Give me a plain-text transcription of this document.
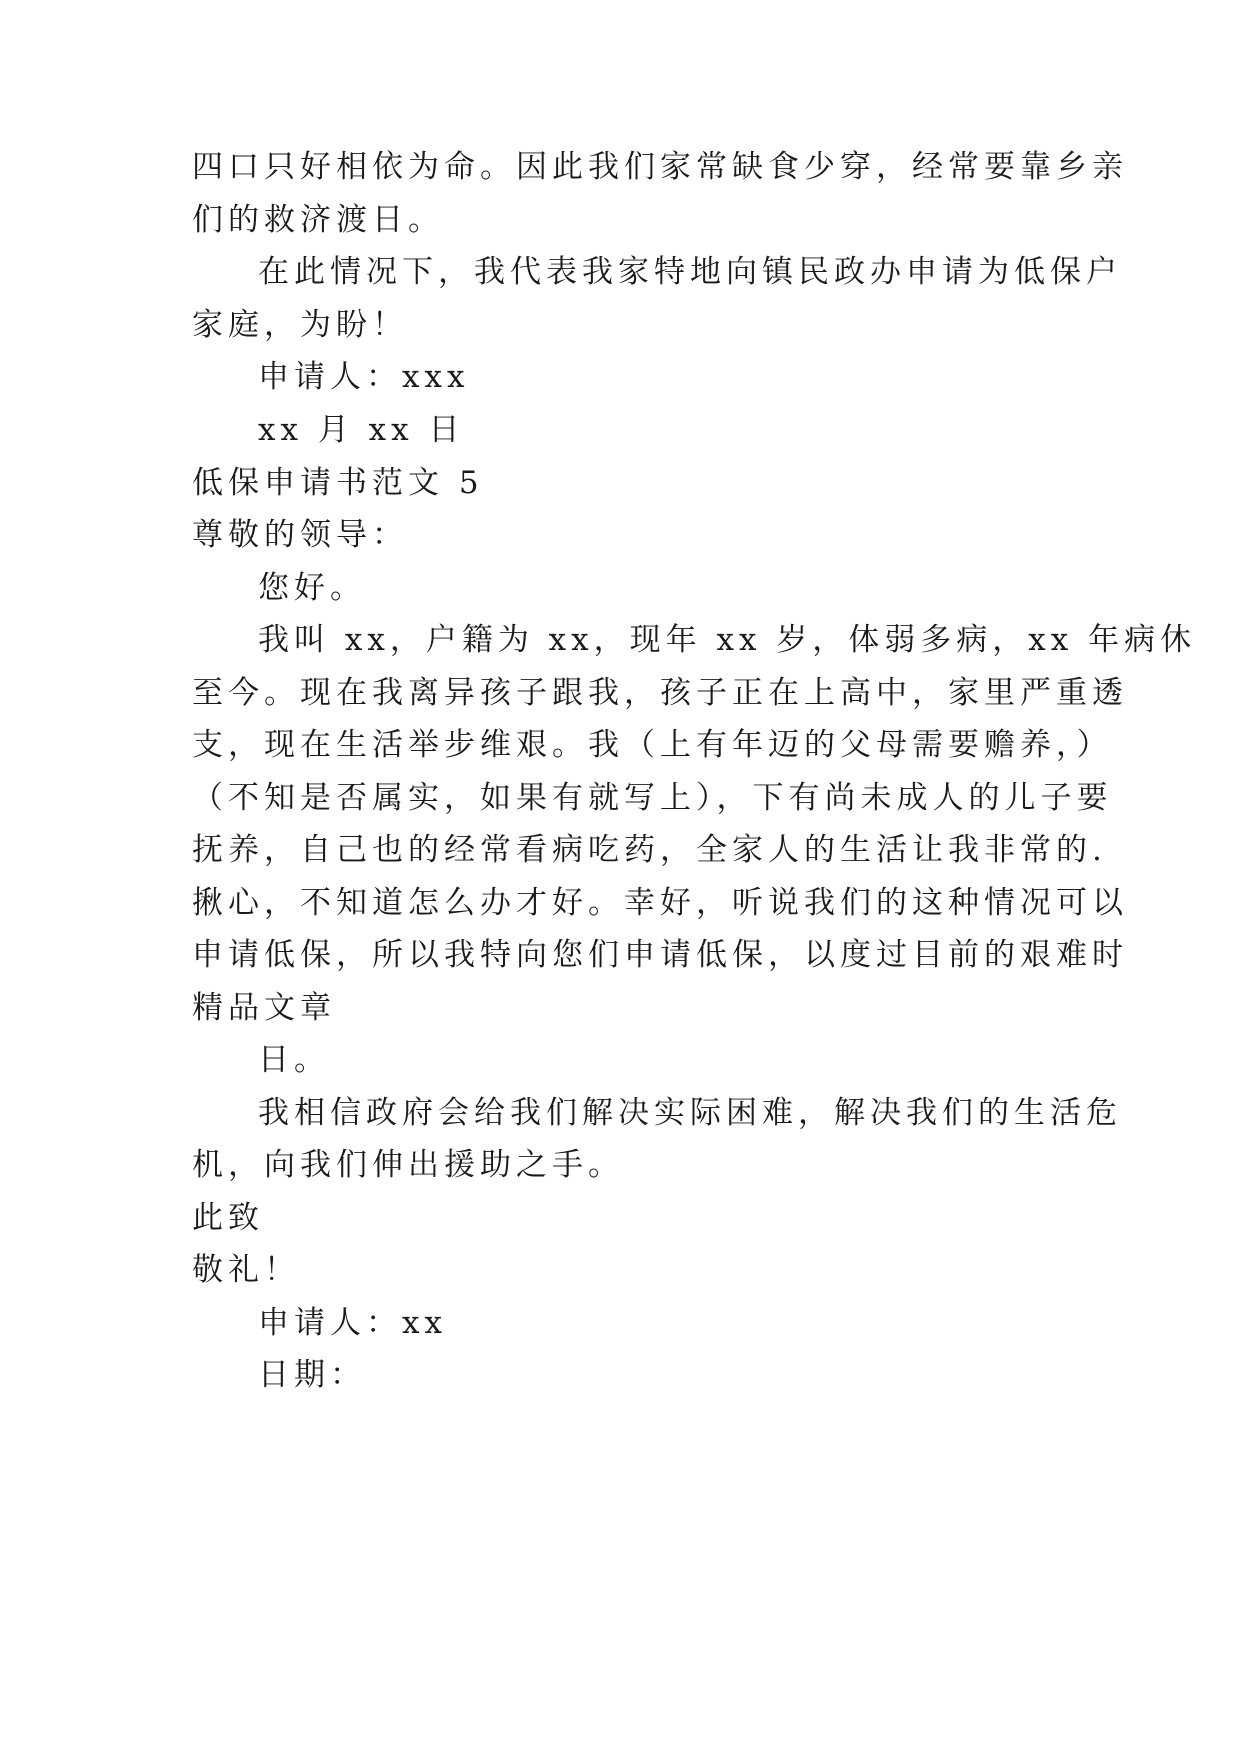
四口只好相依为命。因此我们家常缺食少穿，经常要靠乡亲
们的救济渡日。
在此情况下，我代表我家特地向镇民政办申请为低保户
家庭，为盼！
申请人：xxx
xx 月 xx 日
低保申请书范文 5
尊敬的领导：
您好。
我叫 xx，户籍为 xx，现年 xx 岁，体弱多病，xx 年病休
至今。现在我离异孩子跟我，孩子正在上高中，家里严重透
支，现在生活举步维艰。我（上有年迈的父母需要赡养，）
（不知是否属实，如果有就写上），下有尚未成人的儿子要
抚养，自己也的经常看病吃药，全家人的生活让我非常的.
揪心，不知道怎么办才好。幸好，听说我们的这种情况可以
申请低保，所以我特向您们申请低保，以度过目前的艰难时
精品文章
日。
我相信政府会给我们解决实际困难，解决我们的生活危
机，向我们伸出援助之手。
此致
敬礼！
申请人：xx
日期：
